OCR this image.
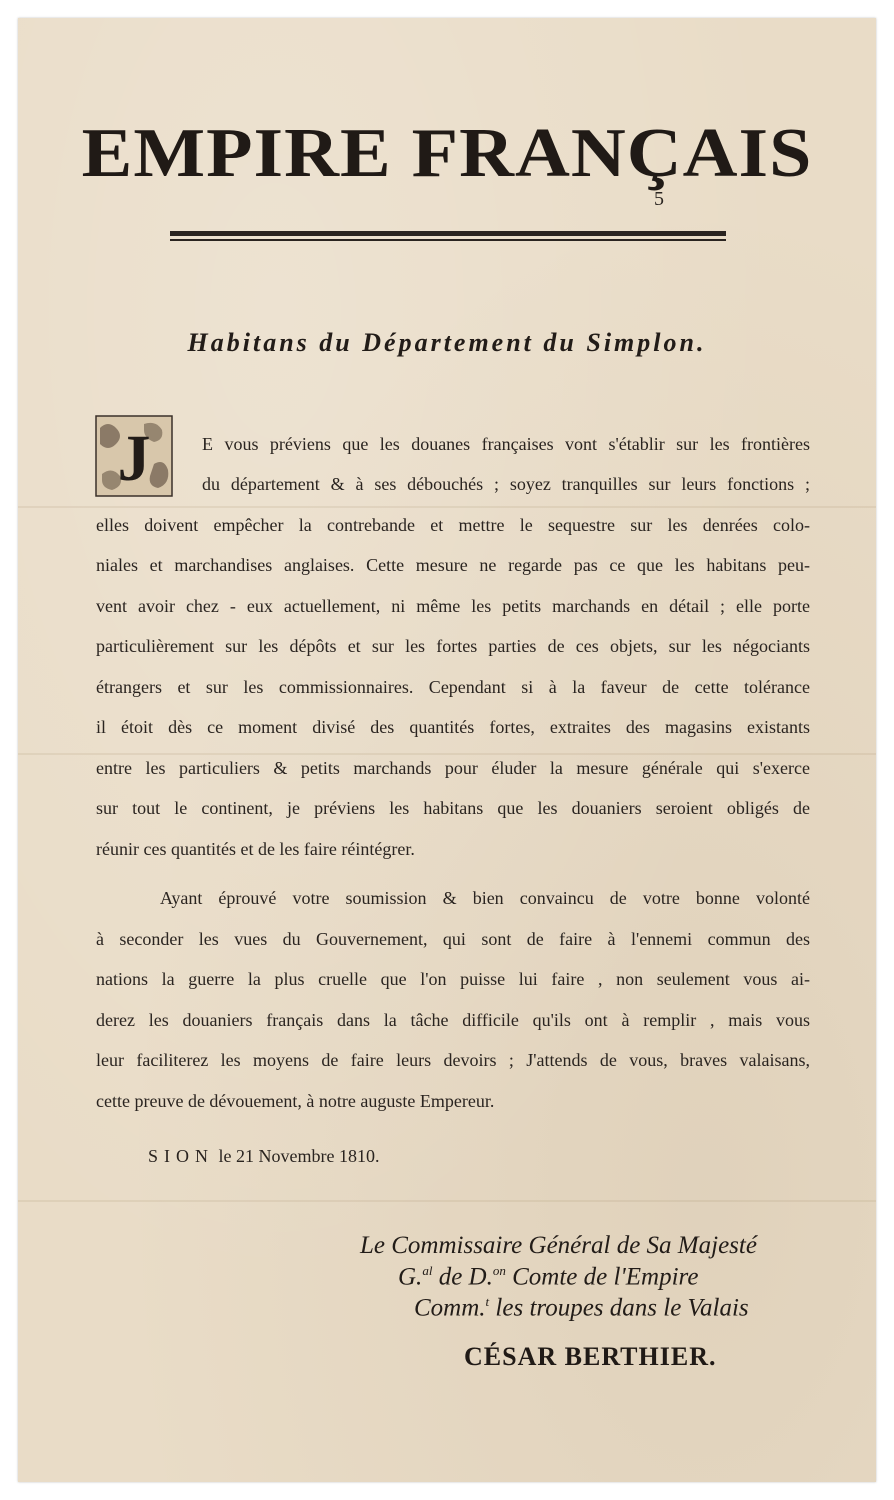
EMPIRE FRANÇAIS
5
Habitans du Département du Simplon.
J	E vous préviens que les douanes françaises vont s'établir sur les frontières
du département & à ses débouchés ; soyez tranquilles sur leurs fonctions ;
elles doivent empêcher la contrebande et mettre le sequestre sur les denrées colo-
niales et marchandises anglaises. Cette mesure ne regarde pas ce que les habitans peu-
vent avoir chez - eux actuellement, ni même les petits marchands en détail ; elle porte
particulièrement sur les dépôts et sur les fortes parties de ces objets, sur les négociants
étrangers et sur les commissionnaires. Cependant si à la faveur de cette tolérance
il étoit dès ce moment divisé des quantités fortes, extraites des magasins existants
entre les particuliers & petits marchands pour éluder la mesure générale qui s'exerce
sur tout le continent, je préviens les habitans que les douaniers seroient obligés de
réunir ces quantités et de les faire réintégrer.
Ayant éprouvé votre soumission & bien convaincu de votre bonne volonté
à seconder les vues du Gouvernement, qui sont de faire à l'ennemi commun des
nations la guerre la plus cruelle que l'on puisse lui faire , non seulement vous ai-
derez les douaniers français dans la tâche difficile qu'ils ont à remplir , mais vous
leur faciliterez les moyens de faire leurs devoirs ; J'attends de vous, braves valaisans,
cette preuve de dévouement, à notre auguste Empereur.
SION le 21 Novembre 1810.
Le Commissaire Général de Sa Majesté
G.$^{al}$ de D.$^{on}$ Comte de l'Empire
Comm.$^t$ les troupes dans le Valais
CÉSAR BERTHIER.
